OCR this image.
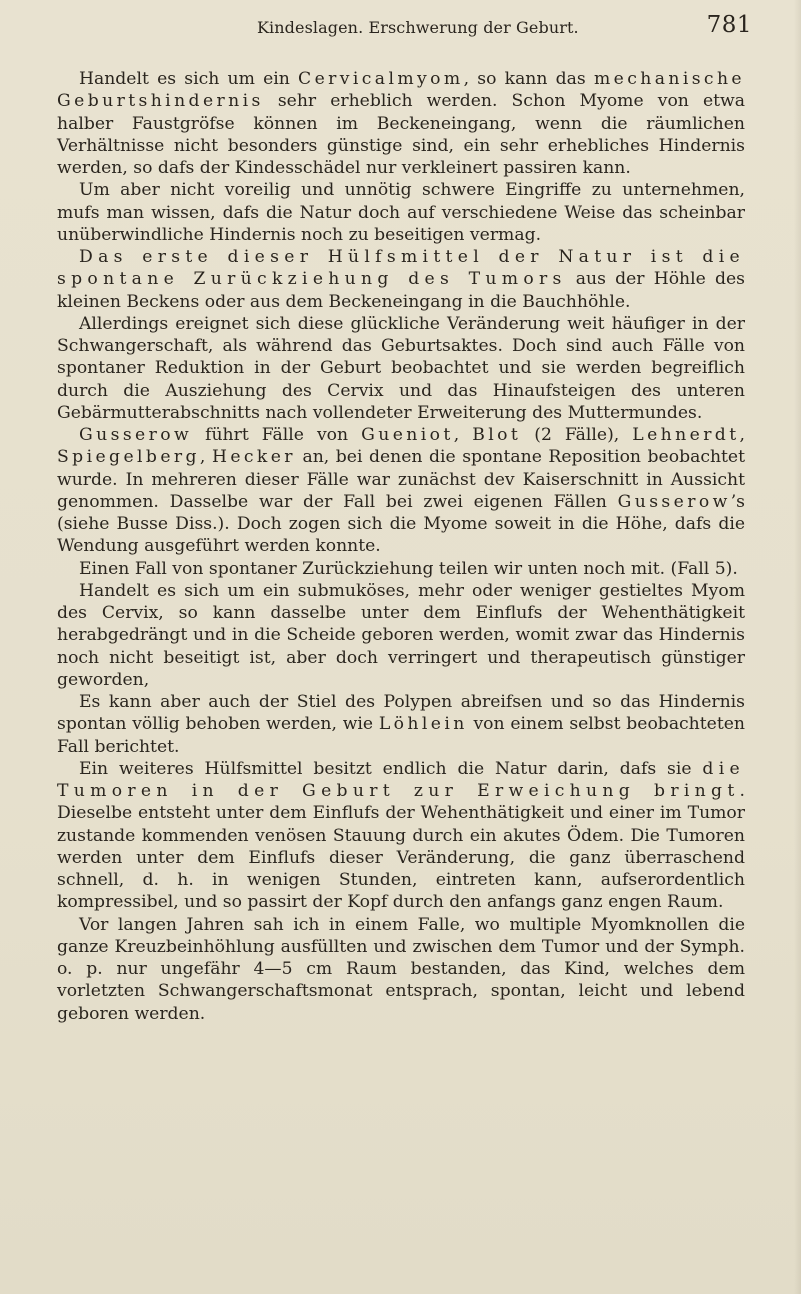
Kindeslagen. Erschwerung der Geburt.	781

Handelt es sich um ein Cervicalmyom, so kann das mechanische Geburtshindernis sehr erheblich werden. Schon Myome von etwa halber Faustgröfse können im Beckeneingang, wenn die räumlichen Verhältnisse nicht besonders günstige sind, ein sehr erhebliches Hindernis werden, so dafs der Kindesschädel nur verkleinert passiren kann.

Um aber nicht voreilig und unnötig schwere Eingriffe zu unternehmen, mufs man wissen, dafs die Natur doch auf verschiedene Weise das scheinbar unüberwindliche Hindernis noch zu beseitigen vermag.

Das erste dieser Hülfsmittel der Natur ist die spontane Zurückziehung des Tumors aus der Höhle des kleinen Beckens oder aus dem Beckeneingang in die Bauchhöhle.

Allerdings ereignet sich diese glückliche Veränderung weit häufiger in der Schwangerschaft, als während das Geburtsaktes. Doch sind auch Fälle von spontaner Reduktion in der Geburt beobachtet und sie werden begreiflich durch die Ausziehung des Cervix und das Hinaufsteigen des unteren Gebärmutterabschnitts nach vollendeter Erweiterung des Muttermundes.

Gusserow führt Fälle von Gueniot, Blot (2 Fälle), Lehnerdt, Spiegelberg, Hecker an, bei denen die spontane Reposition beobachtet wurde. In mehreren dieser Fälle war zunächst dev Kaiserschnitt in Aussicht genommen. Dasselbe war der Fall bei zwei eigenen Fällen Gusserow’s (siehe Busse Diss.). Doch zogen sich die Myome soweit in die Höhe, dafs die Wendung ausgeführt werden konnte.

Einen Fall von spontaner Zurückziehung teilen wir unten noch mit. (Fall 5).

Handelt es sich um ein submuköses, mehr oder weniger gestieltes Myom des Cervix, so kann dasselbe unter dem Einflufs der Wehenthätigkeit herabgedrängt und in die Scheide geboren werden, womit zwar das Hindernis noch nicht beseitigt ist, aber doch verringert und therapeutisch günstiger geworden,

Es kann aber auch der Stiel des Polypen abreifsen und so das Hindernis spontan völlig behoben werden, wie Löhlein von einem selbst beobachteten Fall berichtet.

Ein weiteres Hülfsmittel besitzt endlich die Natur darin, dafs sie die Tumoren in der Geburt zur Erweichung bringt. Dieselbe entsteht unter dem Einflufs der Wehenthätigkeit und einer im Tumor zustande kommenden venösen Stauung durch ein akutes Ödem. Die Tumoren werden unter dem Einflufs dieser Veränderung, die ganz überraschend schnell, d. h. in wenigen Stunden, eintreten kann, aufserordentlich kompressibel, und so passirt der Kopf durch den anfangs ganz engen Raum.

Vor langen Jahren sah ich in einem Falle, wo multiple Myomknollen die ganze Kreuzbeinhöhlung ausfüllten und zwischen dem Tumor und der Symph. o. p. nur ungefähr 4—5 cm Raum bestanden, das Kind, welches dem vorletzten Schwangerschaftsmonat entsprach, spontan, leicht und lebend geboren werden.
